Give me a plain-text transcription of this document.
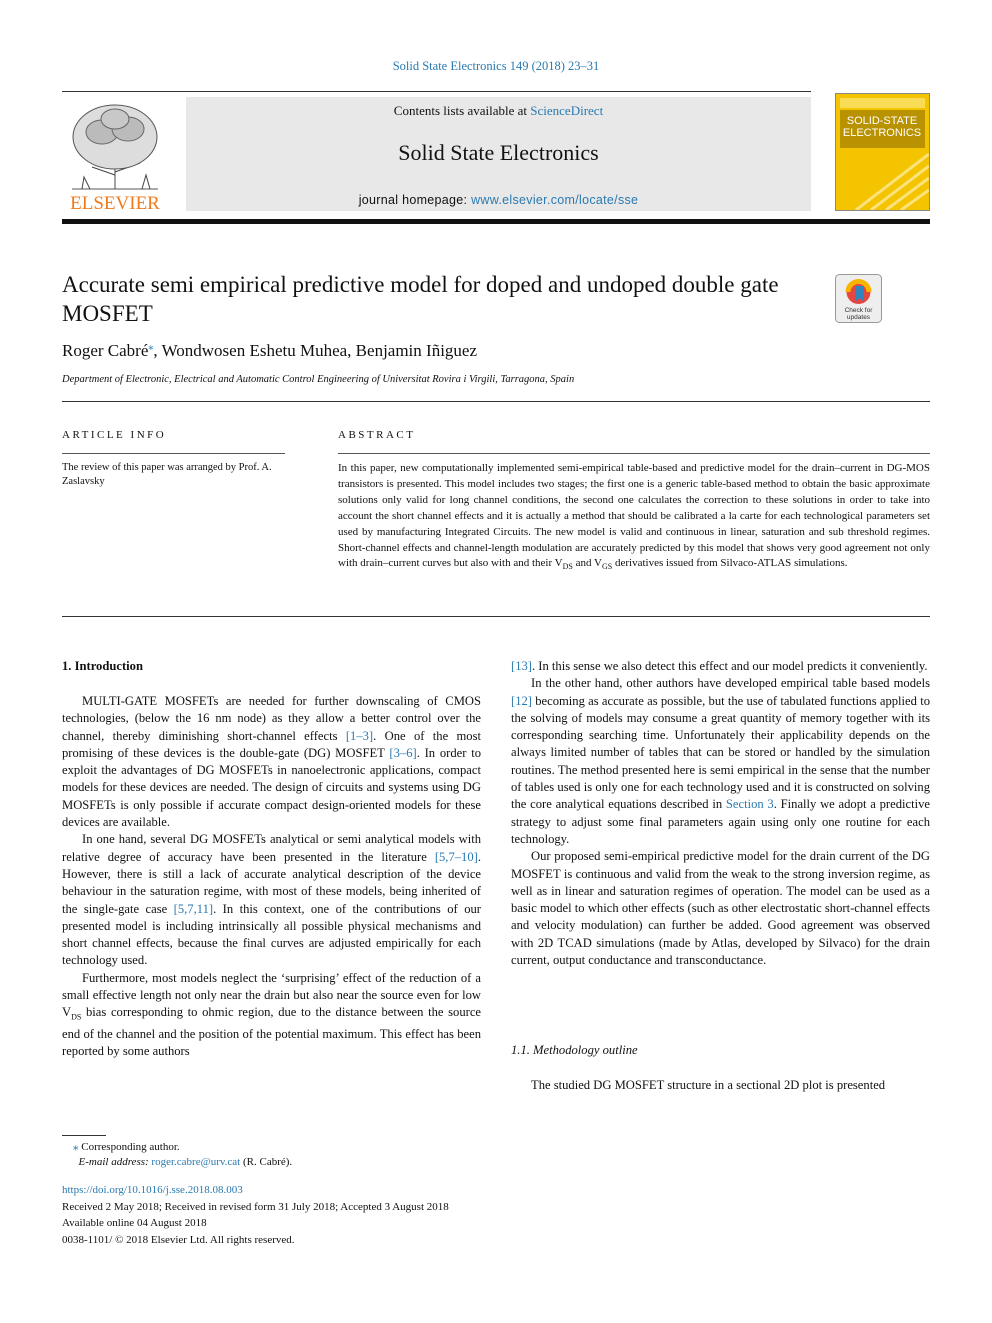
Solid State Electronics 149 (2018) 23–31
ELSEVIER
Contents lists available at ScienceDirect
Solid State Electronics
journal homepage: www.elsevier.com/locate/sse
SOLID-STATE
ELECTRONICS
Accurate semi empirical predictive model for doped and undoped double gate MOSFET	Check for updates
Roger Cabré⁎, Wondwosen Eshetu Muhea, Benjamin Iñiguez
Department of Electronic, Electrical and Automatic Control Engineering of Universitat Rovira i Virgili, Tarragona, Spain
ARTICLE INFO
The review of this paper was arranged by Prof. A. Zaslavsky
ABSTRACT
In this paper, new computationally implemented semi-empirical table-based and predictive model for the drain–current in DG-MOS transistors is presented. This model includes two stages; the first one is a generic table-based method to obtain the basic approximate solutions only valid for long channel conditions, the second one calculates the correction to these solutions in order to take into account the short channel effects and it is actually a method that should be calibrated a la carte for each technological parameters set used by manufacturing Integrated Circuits. The new model is valid and continuous in linear, saturation and sub threshold regimes. Short-channel effects and channel-length modulation are accurately predicted by this model that shows very good agreement not only with drain–current curves but also with and their $V_{DS}$ and $V_{GS}$ derivatives issued from Silvaco-ATLAS simulations.
1. Introduction

MULTI-GATE MOSFETs are needed for further downscaling of CMOS technologies, (below the 16 nm node) as they allow a better control over the channel, thereby diminishing short-channel effects [1–3]. One of the most promising of these devices is the double-gate (DG) MOSFET [3–6]. In order to exploit the advantages of DG MOSFETs in nanoelectronic applications, compact models for these devices are needed. The design of circuits and systems using DG MOSFETs is only possible if accurate compact design-oriented models for these devices are available.

In one hand, several DG MOSFETs analytical or semi analytical models with relative degree of accuracy have been presented in the literature [5,7–10]. However, there is still a lack of accurate analytical description of the device behaviour in the saturation regime, with most of these models, being inherited of the single-gate case [5,7,11]. In this context, one of the contributions of our presented model is including intrinsically all possible physical mechanisms and short channel effects, because the final curves are adjusted empirically for each technology used.

Furthermore, most models neglect the ‘surprising’ effect of the reduction of a small effective length not only near the drain but also near the source even for low $V_{DS}$ bias corresponding to ohmic region, due to the distance between the source end of the channel and the position of the potential maximum. This effect has been reported by some authors

[13]. In this sense we also detect this effect and our model predicts it conveniently.

In the other hand, other authors have developed empirical table based models [12] becoming as accurate as possible, but the use of tabulated functions applied to the solving of models may consume a great quantity of memory together with its corresponding searching time. Unfortunately their applicability depends on the always limited number of tables that can be stored or handled by the simulation routines. The method presented here is semi empirical in the sense that the number of tables used is only one for each technology used and it is constructed on solving the core analytical equations described in Section 3. Finally we adopt a predictive strategy to adjust some final parameters again using only one routine for each technology.

Our proposed semi-empirical predictive model for the drain current of the DG MOSFET is continuous and valid from the weak to the strong inversion regime, as well as in linear and saturation regimes of operation. The model can be used as a basic model to which other effects (such as other electrostatic short-channel effects and velocity modulation) can further be added. Good agreement was observed with 2D TCAD simulations (made by Atlas, developed by Silvaco) for the drain current, output conductance and transconductance.

1.1. Methodology outline
The studied DG MOSFET structure in a sectional 2D plot is presented
⁎ Corresponding author.
E-mail address: roger.cabre@urv.cat (R. Cabré).
https://doi.org/10.1016/j.sse.2018.08.003
Received 2 May 2018; Received in revised form 31 July 2018; Accepted 3 August 2018
Available online 04 August 2018
0038-1101/ © 2018 Elsevier Ltd. All rights reserved.
